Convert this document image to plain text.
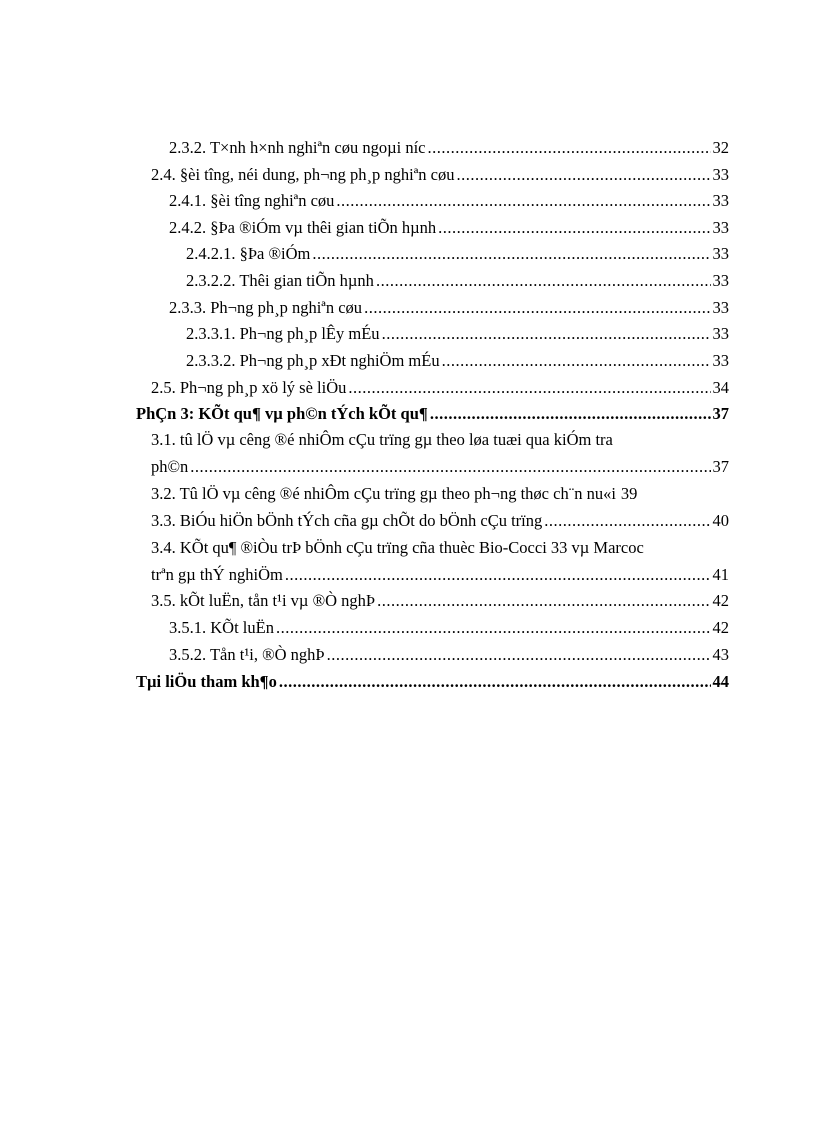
2.3.2. T×nh h×nh nghiªn cøu ngoµi níc .....	32
2.4. §èi tîng, néi dung, ph¬ng ph¸p nghiªn cøu .....	33
2.4.1. §èi tîng nghiªn cøu .....	33
2.4.2. §Þa ®iÓm vµ thêi gian tiÕn hµnh .....	33
2.4.2.1. §Þa ®iÓm .....	33
2.3.2.2. Thêi gian tiÕn hµnh .....	33
2.3.3. Ph¬ng ph¸p nghiªn cøu .....	33
2.3.3.1. Ph¬ng ph¸p lÊy mÉu .....	33
2.3.3.2. Ph¬ng ph¸p xÐt nghiÖm mÉu .....	33
2.5. Ph¬ng ph¸p xö lý sè liÖu .....	34
PhÇn 3: KÕt qu¶ vµ ph©n tÝch kÕt qu¶ .....	37
3.1. tû lÖ vµ cêng ®é nhiÔm cÇu trïng gµ theo løa tuæi qua kiÓm tra
ph©n .....	37
3.2. Tû lÖ vµ cêng ®é nhiÔm cÇu trïng gµ theo ph¬ng thøc ch¨n nu«i 39
3.3. BiÓu hiÖn bÖnh tÝch cña gµ chÕt do bÖnh cÇu trïng .....	40
3.4. KÕt qu¶ ®iÒu trÞ bÖnh cÇu trïng cña thuèc Bio-Cocci 33 vµ Marcoc
trªn gµ thÝ nghiÖm .....	41
3.5. kÕt luËn, tån t¹i vµ ®Ò nghÞ .....	42
3.5.1. KÕt luËn .....	42
3.5.2. Tån t¹i, ®Ò nghÞ .....	43
Tµi liÖu tham kh¶o .....	44
